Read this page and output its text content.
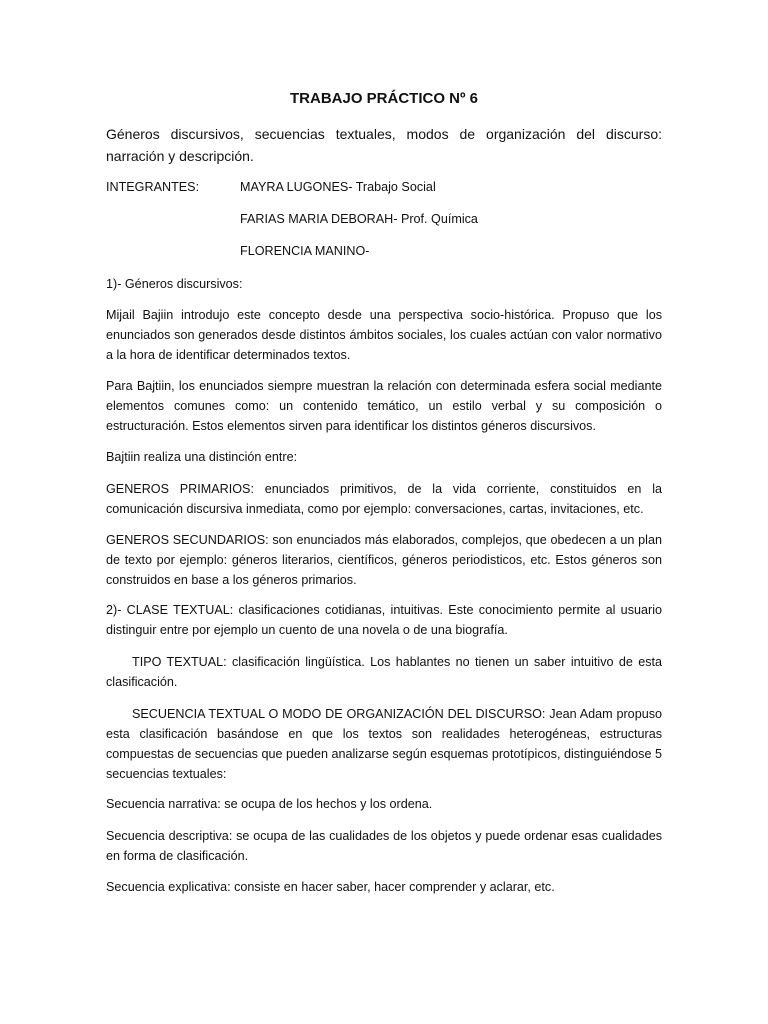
TRABAJO PRÁCTICO Nº 6

Géneros discursivos, secuencias textuales, modos de organización del discurso: narración y descripción.

INTEGRANTES:	MAYRA LUGONES- Trabajo Social
FARIAS MARIA DEBORAH- Prof. Química
FLORENCIA MANINO-

1)- Géneros discursivos:

Mijail Bajiin introdujo este concepto desde una perspectiva socio-histórica. Propuso que los enunciados son generados desde distintos ámbitos sociales, los cuales actúan con valor normativo a la hora de identificar determinados textos.

Para Bajtiin, los enunciados siempre muestran la relación con determinada esfera social mediante elementos comunes como: un contenido temático, un estilo verbal y su composición o estructuración. Estos elementos sirven para identificar los distintos géneros discursivos.

Bajtiin realiza una distinción entre:

GENEROS PRIMARIOS: enunciados primitivos, de la vida corriente, constituidos en la comunicación discursiva inmediata, como por ejemplo: conversaciones, cartas, invitaciones, etc.

GENEROS SECUNDARIOS: son enunciados más elaborados, complejos, que obedecen a un plan de texto por ejemplo: géneros literarios, científicos, géneros periodisticos, etc. Estos géneros son construidos en base a los géneros primarios.

2)- CLASE TEXTUAL: clasificaciones cotidianas, intuitivas. Este conocimiento permite al usuario distinguir entre por ejemplo un cuento de una novela o de una biografía.

TIPO TEXTUAL: clasificación lingüística. Los hablantes no tienen un saber intuitivo de esta clasificación.

SECUENCIA TEXTUAL O MODO DE ORGANIZACIÓN DEL DISCURSO: Jean Adam propuso esta clasificación basándose en que los textos son realidades heterogéneas, estructuras compuestas de secuencias que pueden analizarse según esquemas prototípicos, distinguiéndose 5 secuencias textuales:

Secuencia narrativa: se ocupa de los hechos y los ordena.

Secuencia descriptiva: se ocupa de las cualidades de los objetos y puede ordenar esas cualidades en forma de clasificación.

Secuencia explicativa: consiste en hacer saber, hacer comprender y aclarar, etc.
